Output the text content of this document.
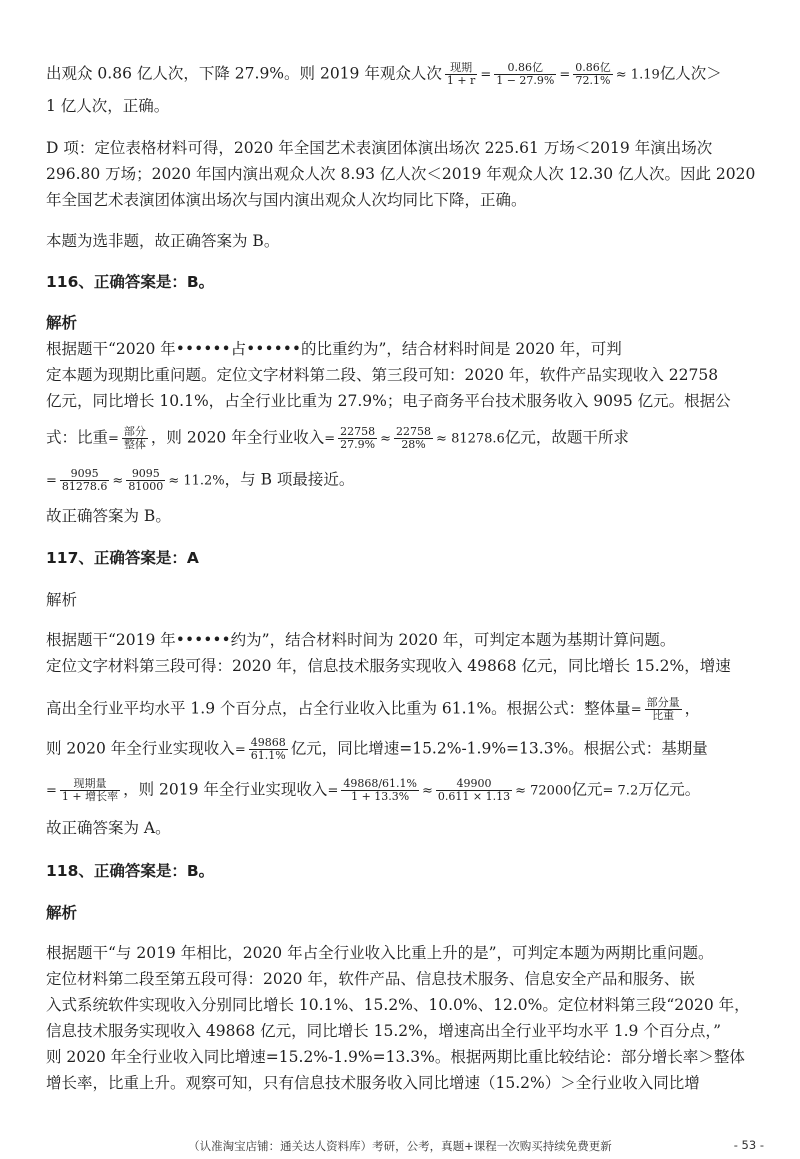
出观众 0.86 亿人次，下降 27.9%。则 2019 年观众人次 $\frac{\text{现期}}{1 + r} = \frac{\text{0.86亿}}{1 - 27.9\%} = \frac{\text{0.86亿}}{72.1\%} \approx 1.19$亿人次＞
1 亿人次，正确。
D 项：定位表格材料可得，2020 年全国艺术表演团体演出场次 225.61 万场＜2019 年演出场次
296.80 万场；2020 年国内演出观众人次 8.93 亿人次＜2019 年观众人次 12.30 亿人次。因此 2020
年全国艺术表演团体演出场次与国内演出观众人次均同比下降，正确。
本题为选非题，故正确答案为 B。
116、正确答案是：B。
解析
根据题干“2020 年••••••占••••••的比重约为”，结合材料时间是 2020 年，可判
定本题为现期比重问题。定位文字材料第二段、第三段可知：2020 年，软件产品实现收入 22758
亿元，同比增长 10.1%，占全行业比重为 27.9%；电子商务平台技术服务收入 9095 亿元。根据公
式：比重= $\frac{\text{部分}}{\text{整体}}$ ，则 2020 年全行业收入= $\frac{22758}{27.9\%} \approx \frac{22758}{28\%} \approx 81278.6$亿元，故题干所求
= $\frac{9095}{81278.6} \approx \frac{9095}{81000} \approx 11.2\%$，与 B 项最接近。
故正确答案为 B。
117、正确答案是：A
解析
根据题干“2019 年••••••约为”，结合材料时间为 2020 年，可判定本题为基期计算问题。
定位文字材料第三段可得：2020 年，信息技术服务实现收入 49868 亿元，同比增长 15.2%，增速
高出全行业平均水平 1.9 个百分点，占全行业收入比重为 61.1%。根据公式：整体量= $\frac{\text{部分量}}{\text{比重}}$ ，
则 2020 年全行业实现收入= $\frac{49868}{61.1\%}$ 亿元，同比增速=15.2%-1.9%=13.3%。根据公式：基期量
= $\frac{\text{现期量}}{\text{1 + 增长率}}$ ，则 2019 年全行业实现收入= $\frac{49868/61.1\%}{1 + 13.3\%} \approx \frac{49900}{0.611 \times 1.13} \approx 72000$亿元= 7.2万亿元。
故正确答案为 A。
118、正确答案是：B。
解析
根据题干“与 2019 年相比，2020 年占全行业收入比重上升的是”，可判定本题为两期比重问题。
定位材料第二段至第五段可得：2020 年，软件产品、信息技术服务、信息安全产品和服务、嵌
入式系统软件实现收入分别同比增长 10.1%、15.2%、10.0%、12.0%。定位材料第三段“2020 年，
信息技术服务实现收入 49868 亿元，同比增长 15.2%，增速高出全行业平均水平 1.9 个百分点，”
则 2020 年全行业收入同比增速=15.2%-1.9%=13.3%。根据两期比重比较结论：部分增长率＞整体
增长率，比重上升。观察可知，只有信息技术服务收入同比增速（15.2%）＞全行业收入同比增
（认准淘宝店铺：通关达人资料库）考研，公考，真题+课程一次购买持续免费更新	- 53 -
